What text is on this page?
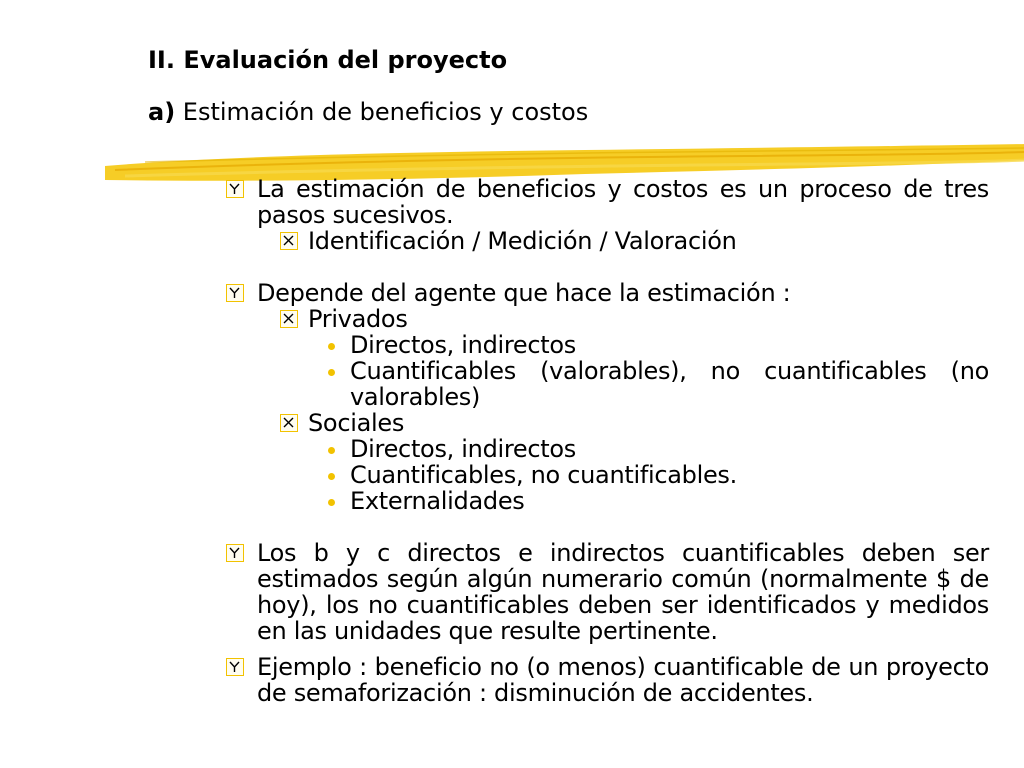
II. Evaluación del proyecto
a) Estimación de beneficios y costos
La estimación de beneficios y costos es un proceso de tres pasos sucesivos.
Identificación / Medición / Valoración
Depende del agente que hace la estimación :
Privados
Directos, indirectos
Cuantificables (valorables), no cuantificables (no valorables)
Sociales
Directos, indirectos
Cuantificables, no cuantificables.
Externalidades
Los b y c directos e indirectos cuantificables deben ser estimados según algún numerario común (normalmente $ de hoy), los no cuantificables deben ser identificados y medidos en las unidades que resulte pertinente.
Ejemplo : beneficio no (o menos) cuantificable de un proyecto de semaforización : disminución de accidentes.
